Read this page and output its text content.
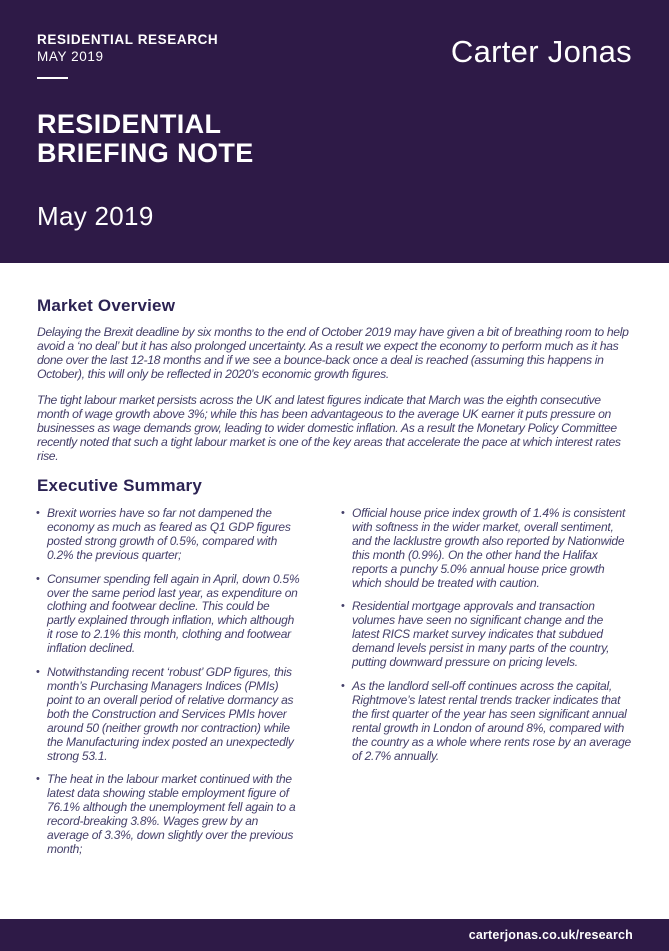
RESIDENTIAL RESEARCH
MAY 2019	Carter Jonas
RESIDENTIAL
BRIEFING NOTE
May 2019
Market Overview

Delaying the Brexit deadline by six months to the end of October 2019 may have given a bit of breathing room to help avoid a ‘no deal’ but it has also prolonged uncertainty. As a result we expect the economy to perform much as it has done over the last 12-18 months and if we see a bounce-back once a deal is reached (assuming this happens in October), this will only be reflected in 2020’s economic growth figures.

The tight labour market persists across the UK and latest figures indicate that March was the eighth consecutive month of wage growth above 3%; while this has been advantageous to the average UK earner it puts pressure on businesses as wage demands grow, leading to wider domestic inflation. As a result the Monetary Policy Committee recently noted that such a tight labour market is one of the key areas that accelerate the pace at which interest rates rise.

Executive Summary
• Brexit worries have so far not dampened the economy as much as feared as Q1 GDP figures posted strong growth of 0.5%, compared with 0.2% the previous quarter;
• Consumer spending fell again in April, down 0.5% over the same period last year, as expenditure on clothing and footwear decline. This could be partly explained through inflation, which although it rose to 2.1% this month, clothing and footwear inflation declined.
• Notwithstanding recent ‘robust’ GDP figures, this month’s Purchasing Managers Indices (PMIs) point to an overall period of relative dormancy as both the Construction and Services PMIs hover around 50 (neither growth nor contraction) while the Manufacturing index posted an unexpectedly strong 53.1.
• The heat in the labour market continued with the latest data showing stable employment figure of 76.1% although the unemployment fell again to a record-breaking 3.8%. Wages grew by an average of 3.3%, down slightly over the previous month;
• Official house price index growth of 1.4% is consistent with softness in the wider market, overall sentiment, and the lacklustre growth also reported by Nationwide this month (0.9%). On the other hand the Halifax reports a punchy 5.0% annual house price growth which should be treated with caution.
• Residential mortgage approvals and transaction volumes have seen no significant change and the latest RICS market survey indicates that subdued demand levels persist in many parts of the country, putting downward pressure on pricing levels.
• As the landlord sell-off continues across the capital, Rightmove’s latest rental trends tracker indicates that the first quarter of the year has seen significant annual rental growth in London of around 8%, compared with the country as a whole where rents rose by an average of 2.7% annually.
carterjonas.co.uk/research
